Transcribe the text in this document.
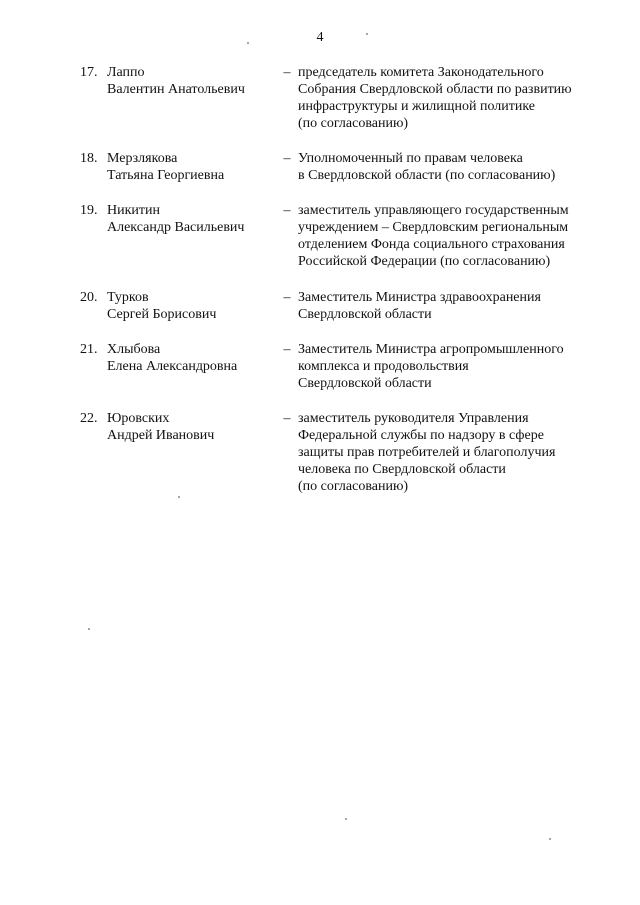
4
17. Лаппо
Валентин Анатольевич
– председатель комитета Законодательного
Собрания Свердловской области по развитию
инфраструктуры и жилищной политике
(по согласованию)
18. Мерзлякова
Татьяна Георгиевна
– Уполномоченный по правам человека
в Свердловской области (по согласованию)
19. Никитин
Александр Васильевич
– заместитель управляющего государственным
учреждением – Свердловским региональным
отделением Фонда социального страхования
Российской Федерации (по согласованию)
20. Турков
Сергей Борисович
– Заместитель Министра здравоохранения
Свердловской области
21. Хлыбова
Елена Александровна
– Заместитель Министра агропромышленного
комплекса и продовольствия
Свердловской области
22. Юровских
Андрей Иванович
– заместитель руководителя Управления
Федеральной службы по надзору в сфере
защиты прав потребителей и благополучия
человека по Свердловской области
(по согласованию)
